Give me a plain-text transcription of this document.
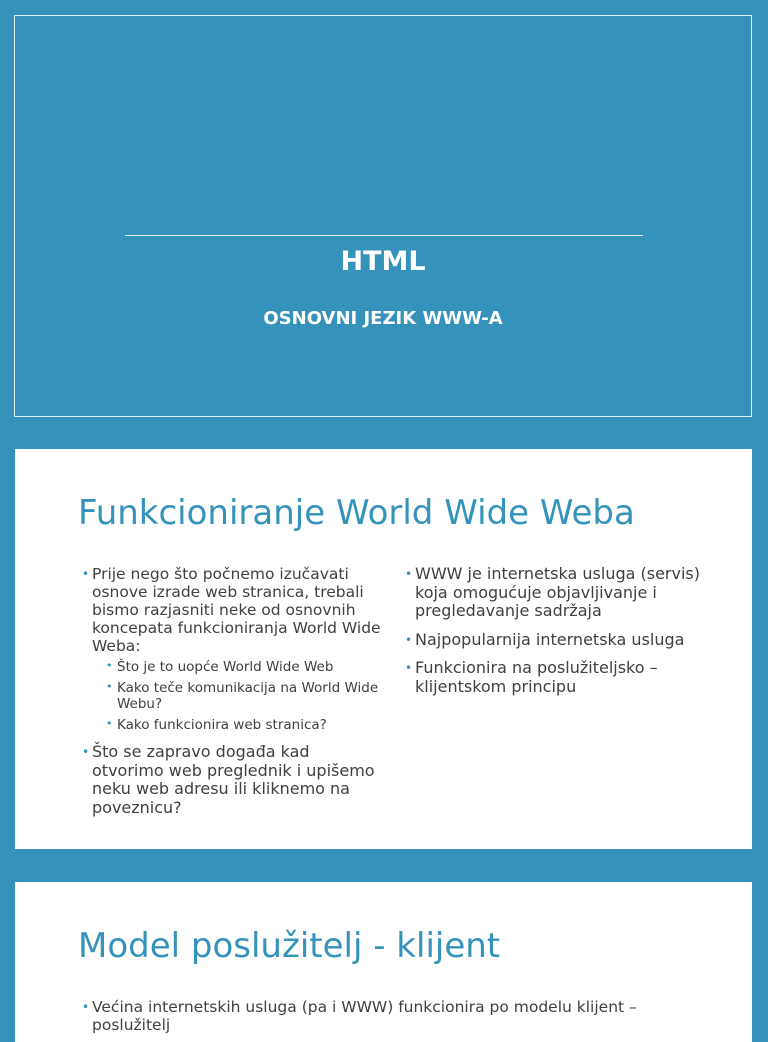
HTML
OSNOVNI JEZIK WWW-A
Funkcioniranje World Wide Weba
• Prije nego što počnemo izučavati osnove izrade web stranica, trebali bismo razjasniti neke od osnovnih koncepata funkcioniranja World Wide Weba:
• Što je to uopće World Wide Web
• Kako teče komunikacija na World Wide Webu?
• Kako funkcionira web stranica?
• Što se zapravo događa kad otvorimo web preglednik i upišemo neku web adresu ili kliknemo na poveznicu?
• WWW je internetska usluga (servis) koja omogućuje objavljivanje i pregledavanje sadržaja
• Najpopularnija internetska usluga
• Funkcionira na poslužiteljsko – klijentskom principu
Model poslužitelj - klijent
• Većina internetskih usluga (pa i WWW) funkcionira po modelu klijent – poslužitelj
